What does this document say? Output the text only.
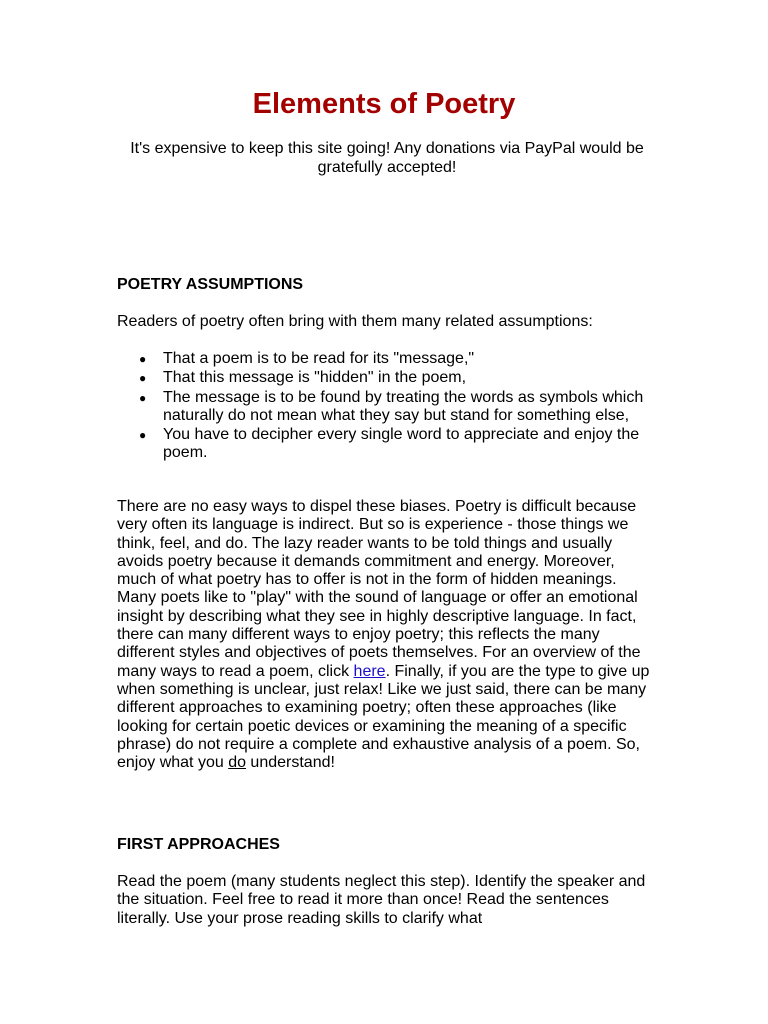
Elements of Poetry

It's expensive to keep this site going! Any donations via PayPal would be gratefully accepted!

POETRY ASSUMPTIONS

Readers of poetry often bring with them many related assumptions:

● That a poem is to be read for its "message,"
● That this message is "hidden" in the poem,
● The message is to be found by treating the words as symbols which naturally do not mean what they say but stand for something else,
● You have to decipher every single word to appreciate and enjoy the poem.

There are no easy ways to dispel these biases. Poetry is difficult because very often its language is indirect. But so is experience - those things we think, feel, and do. The lazy reader wants to be told things and usually avoids poetry because it demands commitment and energy. Moreover, much of what poetry has to offer is not in the form of hidden meanings. Many poets like to "play" with the sound of language or offer an emotional insight by describing what they see in highly descriptive language. In fact, there can many different ways to enjoy poetry; this reflects the many different styles and objectives of poets themselves. For an overview of the many ways to read a poem, click here. Finally, if you are the type to give up when something is unclear, just relax! Like we just said, there can be many different approaches to examining poetry; often these approaches (like looking for certain poetic devices or examining the meaning of a specific phrase) do not require a complete and exhaustive analysis of a poem. So, enjoy what you do understand!

FIRST APPROACHES

Read the poem (many students neglect this step). Identify the speaker and the situation. Feel free to read it more than once! Read the sentences literally. Use your prose reading skills to clarify what
